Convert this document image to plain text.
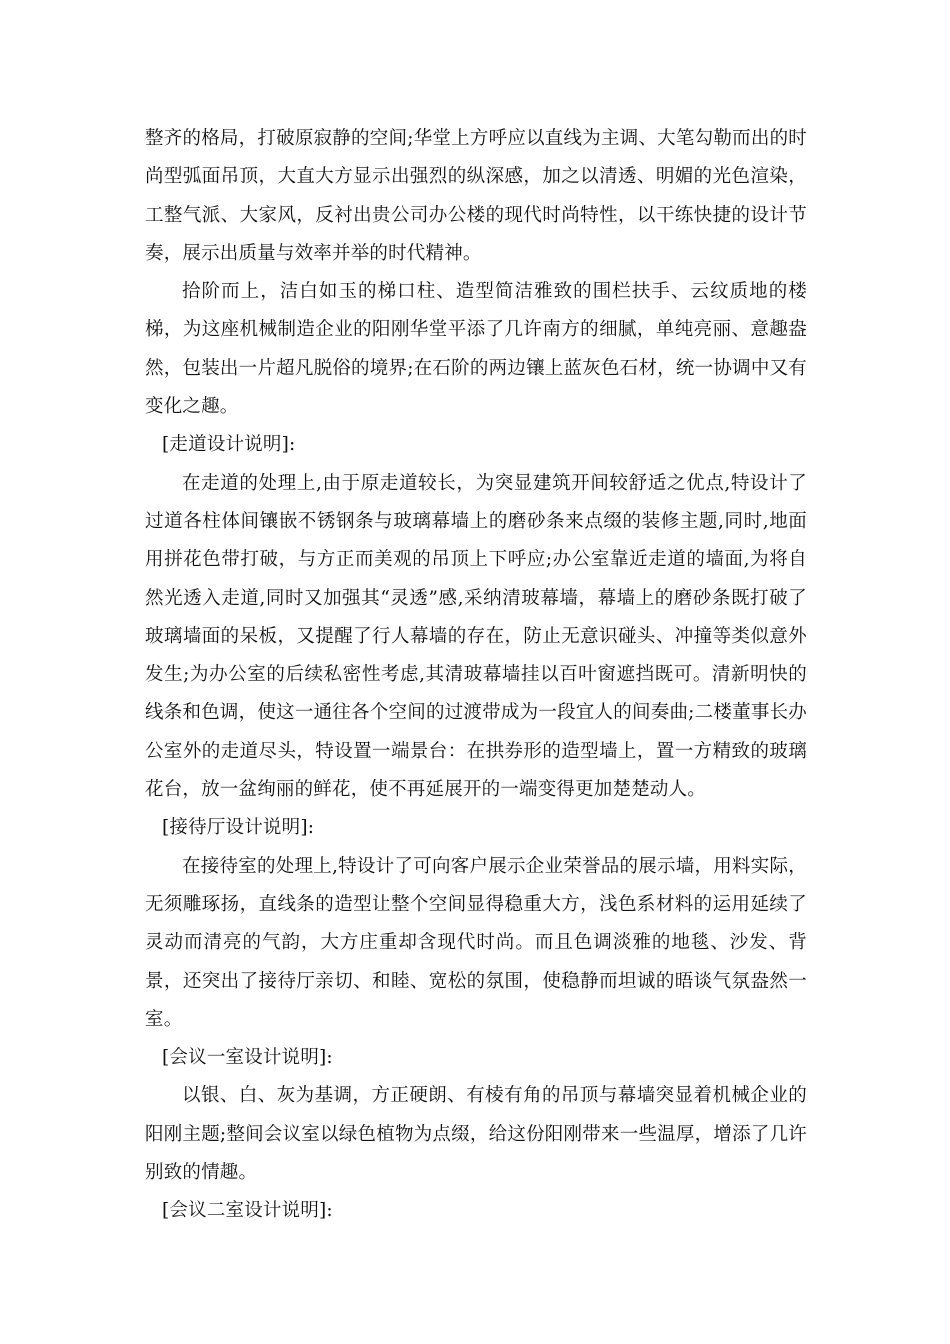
整齐的格局，打破原寂静的空间;华堂上方呼应以直线为主调、大笔勾勒而出的时尚型弧面吊顶，大直大方显示出强烈的纵深感，加之以清透、明媚的光色渲染，工整气派、大家风，反衬出贵公司办公楼的现代时尚特性，以干练快捷的设计节奏，展示出质量与效率并举的时代精神。

拾阶而上，洁白如玉的梯口柱、造型简洁雅致的围栏扶手、云纹质地的楼梯，为这座机械制造企业的阳刚华堂平添了几许南方的细腻，单纯亮丽、意趣盎然，包装出一片超凡脱俗的境界;在石阶的两边镶上蓝灰色石材，统一协调中又有变化之趣。

[走道设计说明]:

在走道的处理上,由于原走道较长，为突显建筑开间较舒适之优点,特设计了过道各柱体间镶嵌不锈钢条与玻璃幕墙上的磨砂条来点缀的装修主题,同时,地面用拼花色带打破，与方正而美观的吊顶上下呼应;办公室靠近走道的墙面,为将自然光透入走道,同时又加强其“灵透”感,采纳清玻幕墙，幕墙上的磨砂条既打破了玻璃墙面的呆板，又提醒了行人幕墙的存在，防止无意识碰头、冲撞等类似意外发生;为办公室的后续私密性考虑,其清玻幕墙挂以百叶窗遮挡既可。清新明快的线条和色调，使这一通往各个空间的过渡带成为一段宜人的间奏曲;二楼董事长办公室外的走道尽头，特设置一端景台：在拱券形的造型墙上，置一方精致的玻璃花台，放一盆绚丽的鲜花，使不再延展开的一端变得更加楚楚动人。

[接待厅设计说明]:

在接待室的处理上,特设计了可向客户展示企业荣誉品的展示墙，用料实际，无须雕琢扬，直线条的造型让整个空间显得稳重大方，浅色系材料的运用延续了灵动而清亮的气韵，大方庄重却含现代时尚。而且色调淡雅的地毯、沙发、背景，还突出了接待厅亲切、和睦、宽松的氛围，使稳静而坦诚的晤谈气氛盎然一室。

[会议一室设计说明]:

以银、白、灰为基调，方正硬朗、有棱有角的吊顶与幕墙突显着机械企业的阳刚主题;整间会议室以绿色植物为点缀，给这份阳刚带来一些温厚，增添了几许别致的情趣。

[会议二室设计说明]:
